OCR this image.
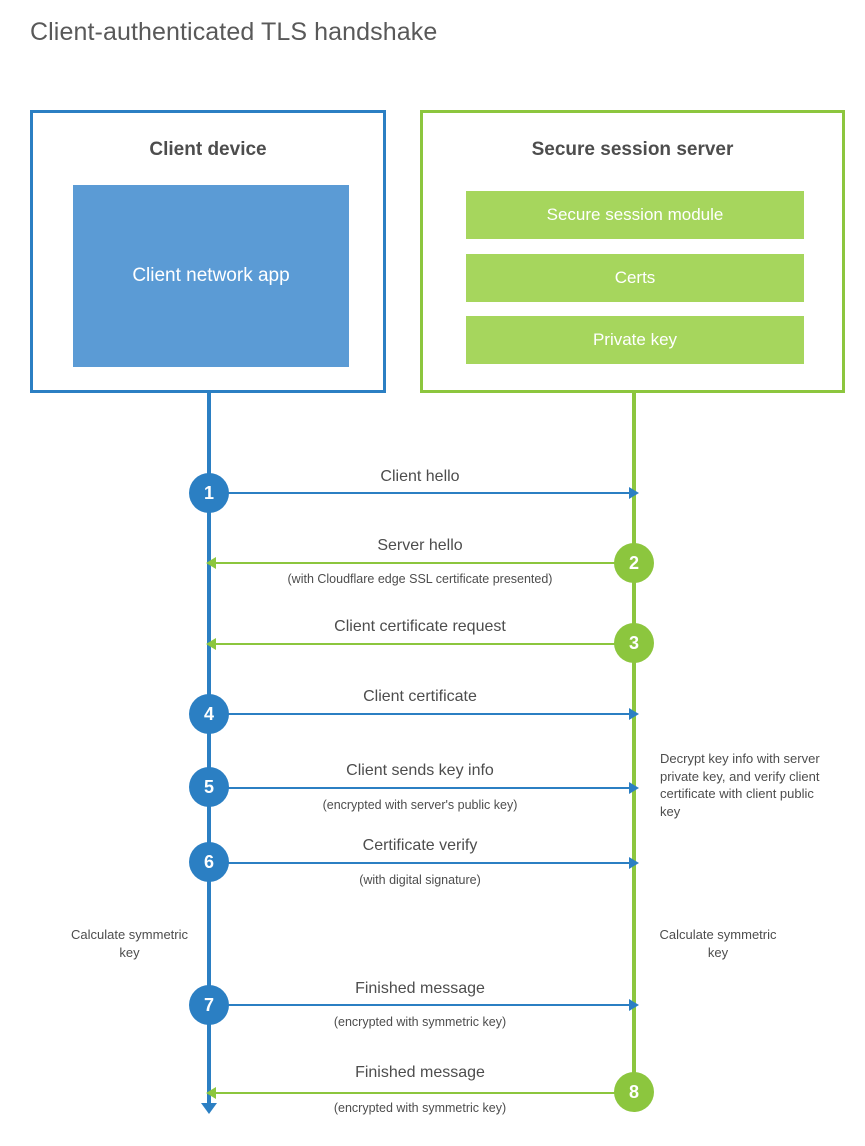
Client-authenticated TLS handshake
Client device
Client network app
Secure session server
Secure session module
Certs
Private key
1
Client hello
2
Server hello
(with Cloudflare edge SSL certificate presented)
3
Client certificate request
4
Client certificate
5
Client sends key info
(encrypted with server's public key)
6
Certificate verify
(with digital signature)
7
Finished message
(encrypted with symmetric key)
8
Finished message
(encrypted with symmetric key)
Decrypt key info with server private key, and verify client certificate with client public key
Calculate symmetric key
Calculate symmetric key
